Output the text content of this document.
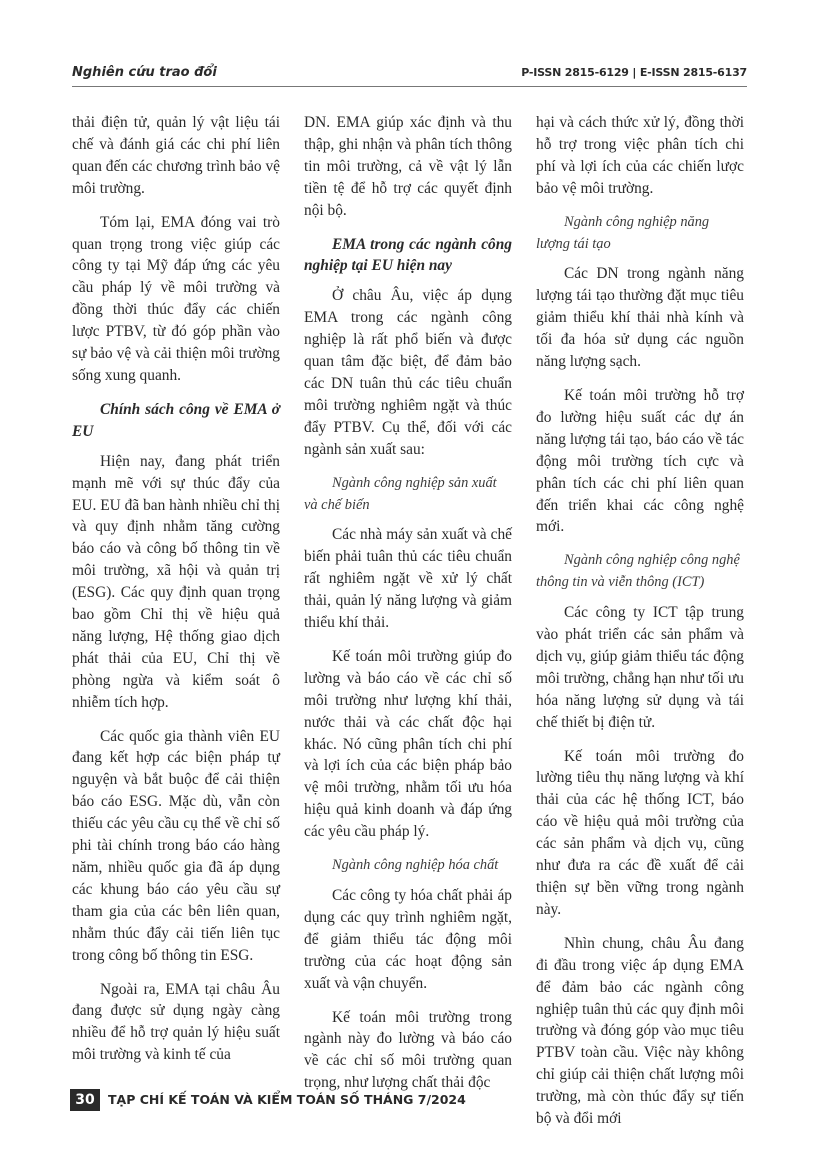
Nghiên cứu trao đổi	P-ISSN 2815-6129 | E-ISSN 2815-6137

thải điện tử, quản lý vật liệu tái chế và đánh giá các chi phí liên quan đến các chương trình bảo vệ môi trường.

Tóm lại, EMA đóng vai trò quan trọng trong việc giúp các công ty tại Mỹ đáp ứng các yêu cầu pháp lý về môi trường và đồng thời thúc đẩy các chiến lược PTBV, từ đó góp phần vào sự bảo vệ và cải thiện môi trường sống xung quanh.

Chính sách công về EMA ở EU

Hiện nay, đang phát triển mạnh mẽ với sự thúc đẩy của EU. EU đã ban hành nhiều chỉ thị và quy định nhằm tăng cường báo cáo và công bố thông tin về môi trường, xã hội và quản trị (ESG). Các quy định quan trọng bao gồm Chỉ thị về hiệu quả năng lượng, Hệ thống giao dịch phát thải của EU, Chỉ thị về phòng ngừa và kiểm soát ô nhiễm tích hợp.

Các quốc gia thành viên EU đang kết hợp các biện pháp tự nguyện và bắt buộc để cải thiện báo cáo ESG. Mặc dù, vẫn còn thiếu các yêu cầu cụ thể về chỉ số phi tài chính trong báo cáo hàng năm, nhiều quốc gia đã áp dụng các khung báo cáo yêu cầu sự tham gia của các bên liên quan, nhằm thúc đẩy cải tiến liên tục trong công bố thông tin ESG.

Ngoài ra, EMA tại châu Âu đang được sử dụng ngày càng nhiều để hỗ trợ quản lý hiệu suất môi trường và kinh tế của

DN. EMA giúp xác định và thu thập, ghi nhận và phân tích thông tin môi trường, cả về vật lý lẫn tiền tệ để hỗ trợ các quyết định nội bộ.

EMA trong các ngành công nghiệp tại EU hiện nay

Ở châu Âu, việc áp dụng EMA trong các ngành công nghiệp là rất phổ biến và được quan tâm đặc biệt, để đảm bảo các DN tuân thủ các tiêu chuẩn môi trường nghiêm ngặt và thúc đẩy PTBV. Cụ thể, đối với các ngành sản xuất sau:

Ngành công nghiệp sản xuất và chế biến

Các nhà máy sản xuất và chế biến phải tuân thủ các tiêu chuẩn rất nghiêm ngặt về xử lý chất thải, quản lý năng lượng và giảm thiểu khí thải.

Kế toán môi trường giúp đo lường và báo cáo về các chỉ số môi trường như lượng khí thải, nước thải và các chất độc hại khác. Nó cũng phân tích chi phí và lợi ích của các biện pháp bảo vệ môi trường, nhằm tối ưu hóa hiệu quả kinh doanh và đáp ứng các yêu cầu pháp lý.

Ngành công nghiệp hóa chất

Các công ty hóa chất phải áp dụng các quy trình nghiêm ngặt, để giảm thiểu tác động môi trường của các hoạt động sản xuất và vận chuyển.

Kế toán môi trường trong ngành này đo lường và báo cáo về các chỉ số môi trường quan trọng, như lượng chất thải độc

hại và cách thức xử lý, đồng thời hỗ trợ trong việc phân tích chi phí và lợi ích của các chiến lược bảo vệ môi trường.

Ngành công nghiệp năng lượng tái tạo

Các DN trong ngành năng lượng tái tạo thường đặt mục tiêu giảm thiểu khí thải nhà kính và tối đa hóa sử dụng các nguồn năng lượng sạch.

Kế toán môi trường hỗ trợ đo lường hiệu suất các dự án năng lượng tái tạo, báo cáo về tác động môi trường tích cực và phân tích các chi phí liên quan đến triển khai các công nghệ mới.

Ngành công nghiệp công nghệ thông tin và viễn thông (ICT)

Các công ty ICT tập trung vào phát triển các sản phẩm và dịch vụ, giúp giảm thiểu tác động môi trường, chẳng hạn như tối ưu hóa năng lượng sử dụng và tái chế thiết bị điện tử.

Kế toán môi trường đo lường tiêu thụ năng lượng và khí thải của các hệ thống ICT, báo cáo về hiệu quả môi trường của các sản phẩm và dịch vụ, cũng như đưa ra các đề xuất để cải thiện sự bền vững trong ngành này.

Nhìn chung, châu Âu đang đi đầu trong việc áp dụng EMA để đảm bảo các ngành công nghiệp tuân thủ các quy định môi trường và đóng góp vào mục tiêu PTBV toàn cầu. Việc này không chỉ giúp cải thiện chất lượng môi trường, mà còn thúc đẩy sự tiến bộ và đổi mới

30	TẠP CHÍ KẾ TOÁN VÀ KIỂM TOÁN SỐ THÁNG 7/2024
